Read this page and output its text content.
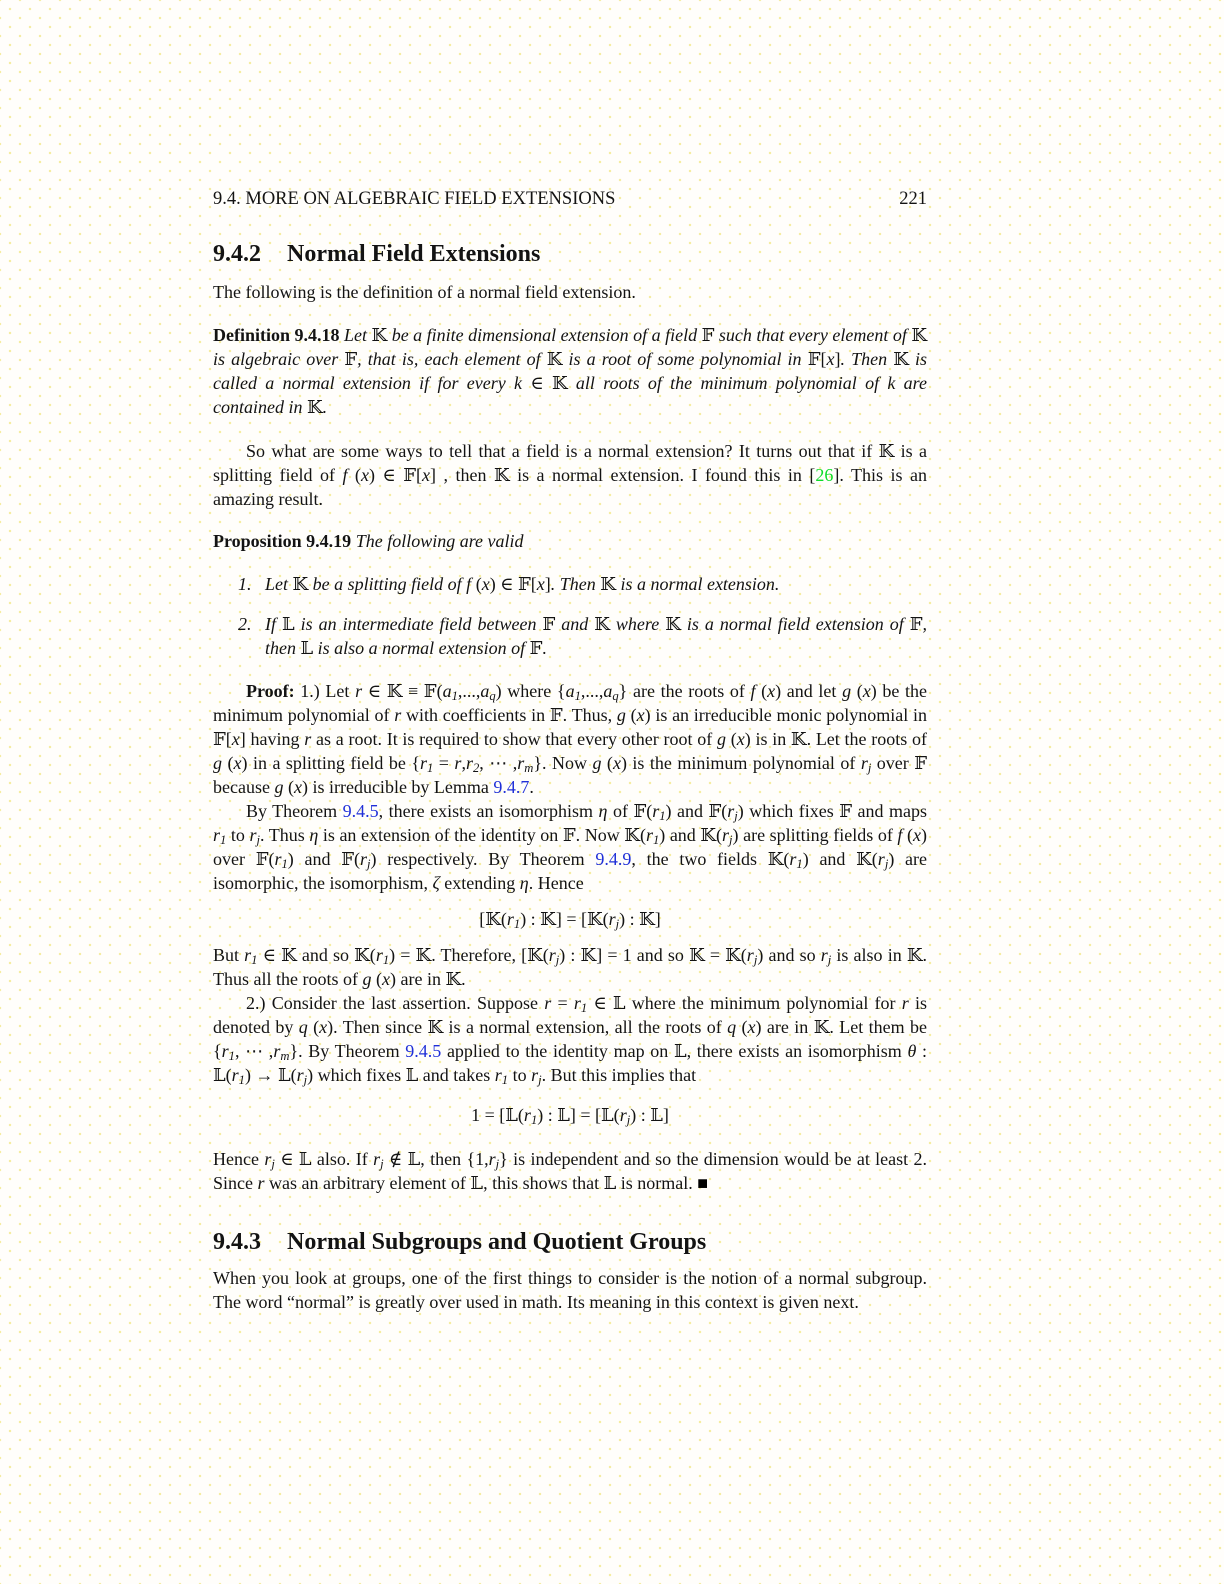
9.4. MORE ON ALGEBRAIC FIELD EXTENSIONS	221
9.4.2 Normal Field Extensions
The following is the definition of a normal field extension.
Definition 9.4.18 Let 𝕂 be a finite dimensional extension of a field 𝔽 such that every element of 𝕂 is algebraic over 𝔽, that is, each element of 𝕂 is a root of some polynomial in 𝔽[x]. Then 𝕂 is called a normal extension if for every k ∈ 𝕂 all roots of the minimum polynomial of k are contained in 𝕂.
So what are some ways to tell that a field is a normal extension? It turns out that if 𝕂 is a splitting field of f (x) ∈ 𝔽[x] , then 𝕂 is a normal extension. I found this in [26]. This is an amazing result.
Proposition 9.4.19 The following are valid
1. Let 𝕂 be a splitting field of f (x) ∈ 𝔽[x]. Then 𝕂 is a normal extension.
2. If 𝕃 is an intermediate field between 𝔽 and 𝕂 where 𝕂 is a normal field extension of 𝔽, then 𝕃 is also a normal extension of 𝔽.
Proof: 1.) Let r ∈ 𝕂 ≡ $𝔽(a_1,...,a_q)$ where $\{a_1,...,a_q\}$ are the roots of f (x) and let g (x) be the minimum polynomial of r with coefficients in 𝔽. Thus, g (x) is an irreducible monic polynomial in 𝔽[x] having r as a root. It is required to show that every other root of g (x) is in 𝕂. Let the roots of g (x) in a splitting field be {$r_1 = r,r_2$, ⋯ $,r_m$}. Now g (x) is the minimum polynomial of $r_j$ over 𝔽 because g (x) is irreducible by Lemma 9.4.7.
By Theorem 9.4.5, there exists an isomorphism η of $𝔽(r_1)$ and $𝔽(r_j)$ which fixes 𝔽 and maps $r_1$ to $r_j$. Thus η is an extension of the identity on 𝔽. Now $𝕂(r_1)$ and $𝕂(r_j)$ are splitting fields of f (x) over $𝔽(r_1)$ and $𝔽(r_j)$ respectively. By Theorem 9.4.9, the two fields $𝕂(r_1)$ and $𝕂(r_j)$ are isomorphic, the isomorphism, ζ extending η. Hence
[$𝕂(r_1)$ : 𝕂] = [$𝕂(r_j)$ : 𝕂]
But $r_1$ ∈ 𝕂 and so $𝕂(r_1)$ = 𝕂. Therefore, [$𝕂(r_j)$ : 𝕂] = 1 and so 𝕂 = $𝕂(r_j)$ and so $r_j$ is also in 𝕂. Thus all the roots of g (x) are in 𝕂.
2.) Consider the last assertion. Suppose $r = r_1$ ∈ 𝕃 where the minimum polynomial for r is denoted by q (x). Then since 𝕂 is a normal extension, all the roots of q (x) are in 𝕂. Let them be {$r_1$, ⋯ $,r_m$}. By Theorem 9.4.5 applied to the identity map on 𝕃, there exists an isomorphism θ : $𝕃(r_1)$ → $𝕃(r_j)$ which fixes 𝕃 and takes $r_1$ to $r_j$. But this implies that
$1 = [𝕃(r_1)$ : 𝕃] = [$𝕃(r_j)$ : 𝕃]
Hence $r_j$ ∈ 𝕃 also. If $r_j$ ∉ 𝕃, then $\{1,r_j\}$ is independent and so the dimension would be at least 2. Since r was an arbitrary element of 𝕃, this shows that 𝕃 is normal. ■
9.4.3 Normal Subgroups and Quotient Groups
When you look at groups, one of the first things to consider is the notion of a normal subgroup. The word “normal” is greatly over used in math. Its meaning in this context is given next.
